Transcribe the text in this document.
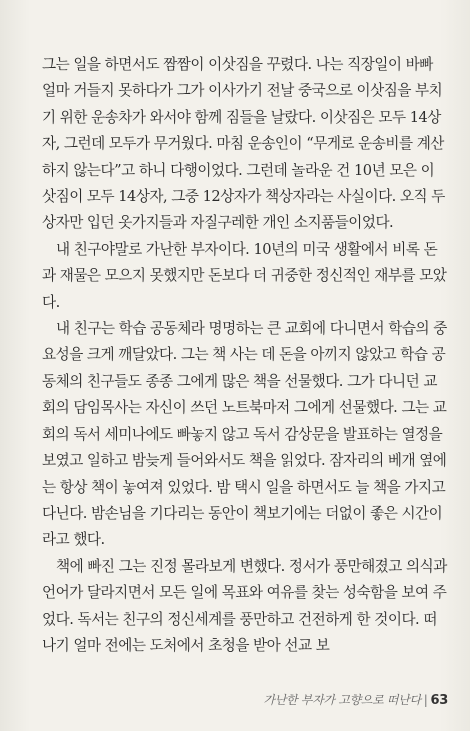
그는 일을 하면서도 짬짬이 이삿짐을 꾸렸다. 나는 직장일이 바빠 얼마 거들지 못하다가 그가 이사가기 전날 중국으로 이삿짐을 부치기 위한 운송차가 와서야 함께 짐들을 날랐다. 이삿짐은 모두 14상자, 그런데 모두가 무거웠다. 마침 운송인이 “무게로 운송비를 계산하지 않는다”고 하니 다행이었다. 그런데 놀라운 건 10년 모은 이삿짐이 모두 14상자, 그중 12상자가 책상자라는 사실이다. 오직 두 상자만 입던 옷가지들과 자질구레한 개인 소지품들이었다.

내 친구야말로 가난한 부자이다. 10년의 미국 생활에서 비록 돈과 재물은 모으지 못했지만 돈보다 더 귀중한 정신적인 재부를 모았다.

내 친구는 학습 공동체라 명명하는 큰 교회에 다니면서 학습의 중요성을 크게 깨달았다. 그는 책 사는 데 돈을 아끼지 않았고 학습 공동체의 친구들도 종종 그에게 많은 책을 선물했다. 그가 다니던 교회의 담임목사는 자신이 쓰던 노트북마저 그에게 선물했다. 그는 교회의 독서 세미나에도 빠놓지 않고 독서 감상문을 발표하는 열정을 보였고 일하고 밤늦게 들어와서도 책을 읽었다. 잠자리의 베개 옆에는 항상 책이 놓여져 있었다. 밤 택시 일을 하면서도 늘 책을 가지고 다닌다. 밤손님을 기다리는 동안이 책보기에는 더없이 좋은 시간이라고 했다.

책에 빠진 그는 진정 몰라보게 변했다. 정서가 풍만해졌고 의식과 언어가 달라지면서 모든 일에 목표와 여유를 찾는 성숙함을 보여 주었다. 독서는 친구의 정신세계를 풍만하고 건전하게 한 것이다. 떠나기 얼마 전에는 도처에서 초청을 받아 선교 보

가난한 부자가 고향으로 떠난다 | 63
